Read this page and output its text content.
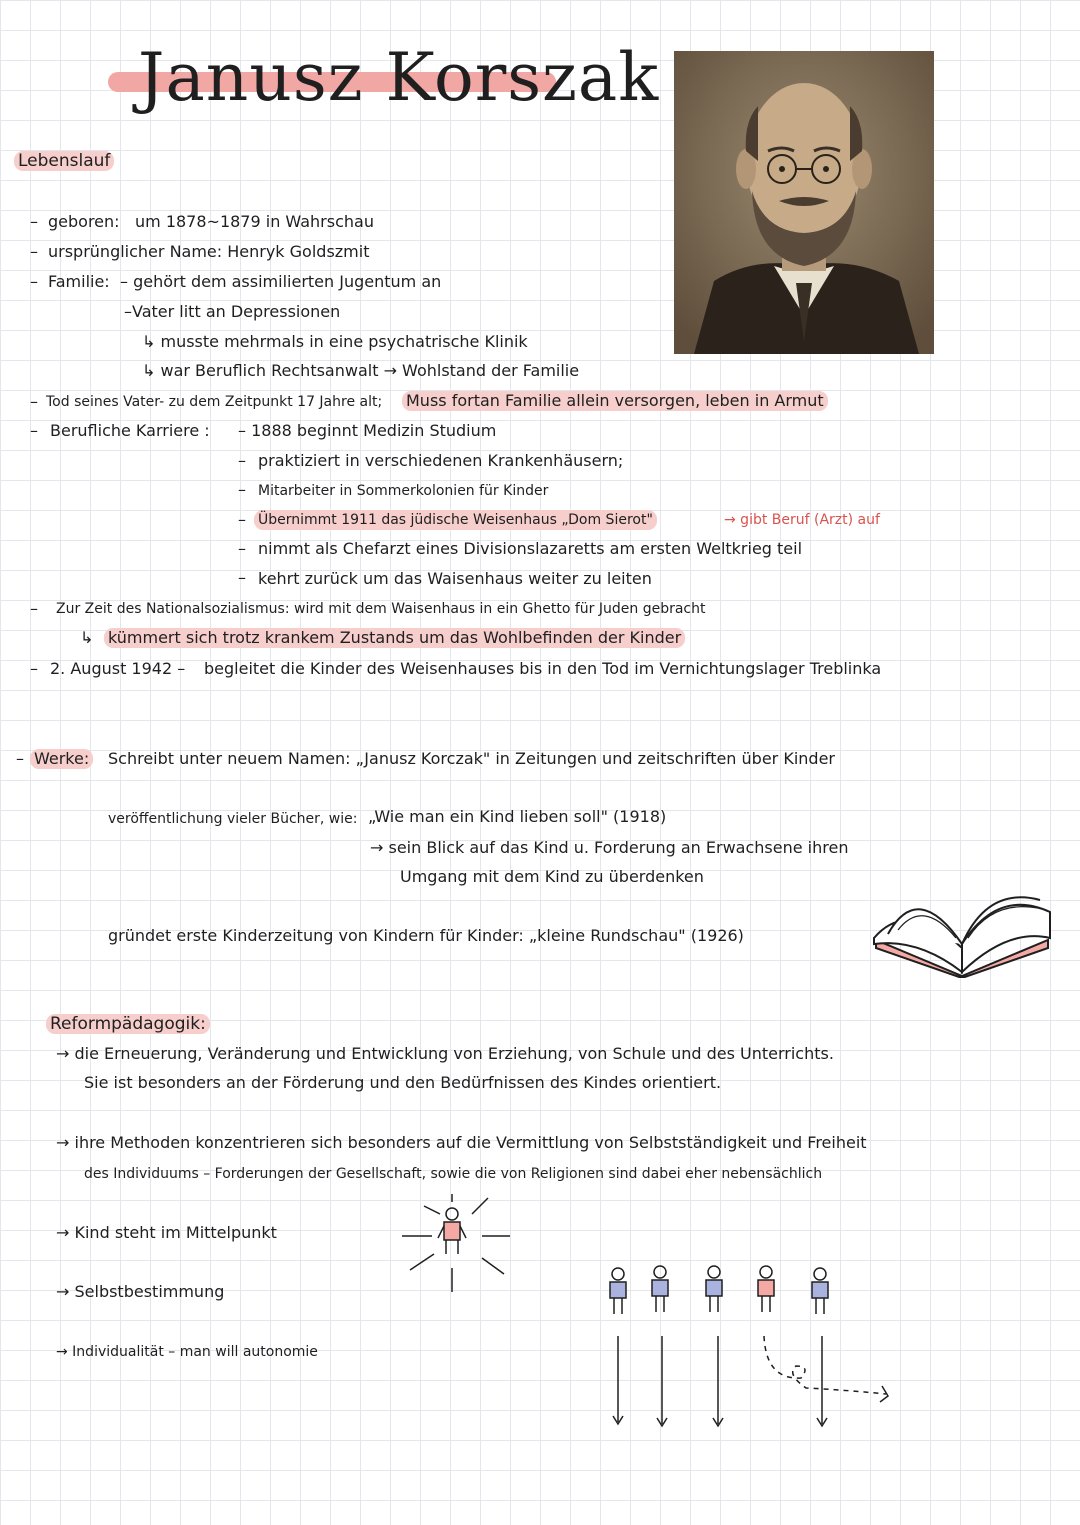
Janusz Korszak
Lebenslauf
– geboren: um 1878~1879 in Wahrschau
– ursprünglicher Name: Henryk Goldszmit
– Familie: – gehört dem assimilierten Jugentum an
–Vater litt an Depressionen
↳ musste mehrmals in eine psychatrische Klinik
↳ war Beruflich Rechtsanwalt → Wohlstand der Familie
– Tod seines Vater- zu dem Zeitpunkt 17 Jahre alt; Muss fortan Familie allein versorgen, leben in Armut
– Berufliche Karriere : – 1888 beginnt Medizin Studium
– praktiziert in verschiedenen Krankenhäusern;
– Mitarbeiter in Sommerkolonien für Kinder
– Übernimmt 1911 das jüdische Weisenhaus „Dom Sierot"	→ gibt Beruf (Arzt) auf
– nimmt als Chefarzt eines Divisionslazaretts am ersten Weltkrieg teil
– kehrt zurück um das Waisenhaus weiter zu leiten
– Zur Zeit des Nationalsozialismus: wird mit dem Waisenhaus in ein Ghetto für Juden gebracht
↳ kümmert sich trotz krankem Zustands um das Wohlbefinden der Kinder
– 2. August 1942 – begleitet die Kinder des Weisenhauses bis in den Tod im Vernichtungslager Treblinka
– Werke: Schreibt unter neuem Namen: „Janusz Korczak" in Zeitungen und zeitschriften über Kinder
veröffentlichung vieler Bücher, wie: „Wie man ein Kind lieben soll" (1918)
→ sein Blick auf das Kind u. Forderung an Erwachsene ihren
Umgang mit dem Kind zu überdenken
gründet erste Kinderzeitung von Kindern für Kinder: „kleine Rundschau" (1926)
Reformpädagogik:
→ die Erneuerung, Veränderung und Entwicklung von Erziehung, von Schule und des Unterrichts.
Sie ist besonders an der Förderung und den Bedürfnissen des Kindes orientiert.
→ ihre Methoden konzentrieren sich besonders auf die Vermittlung von Selbstständigkeit und Freiheit
des Individuums – Forderungen der Gesellschaft, sowie die von Religionen sind dabei eher nebensächlich
→ Kind steht im Mittelpunkt
→ Selbstbestimmung
→ Individualität – man will autonomie
